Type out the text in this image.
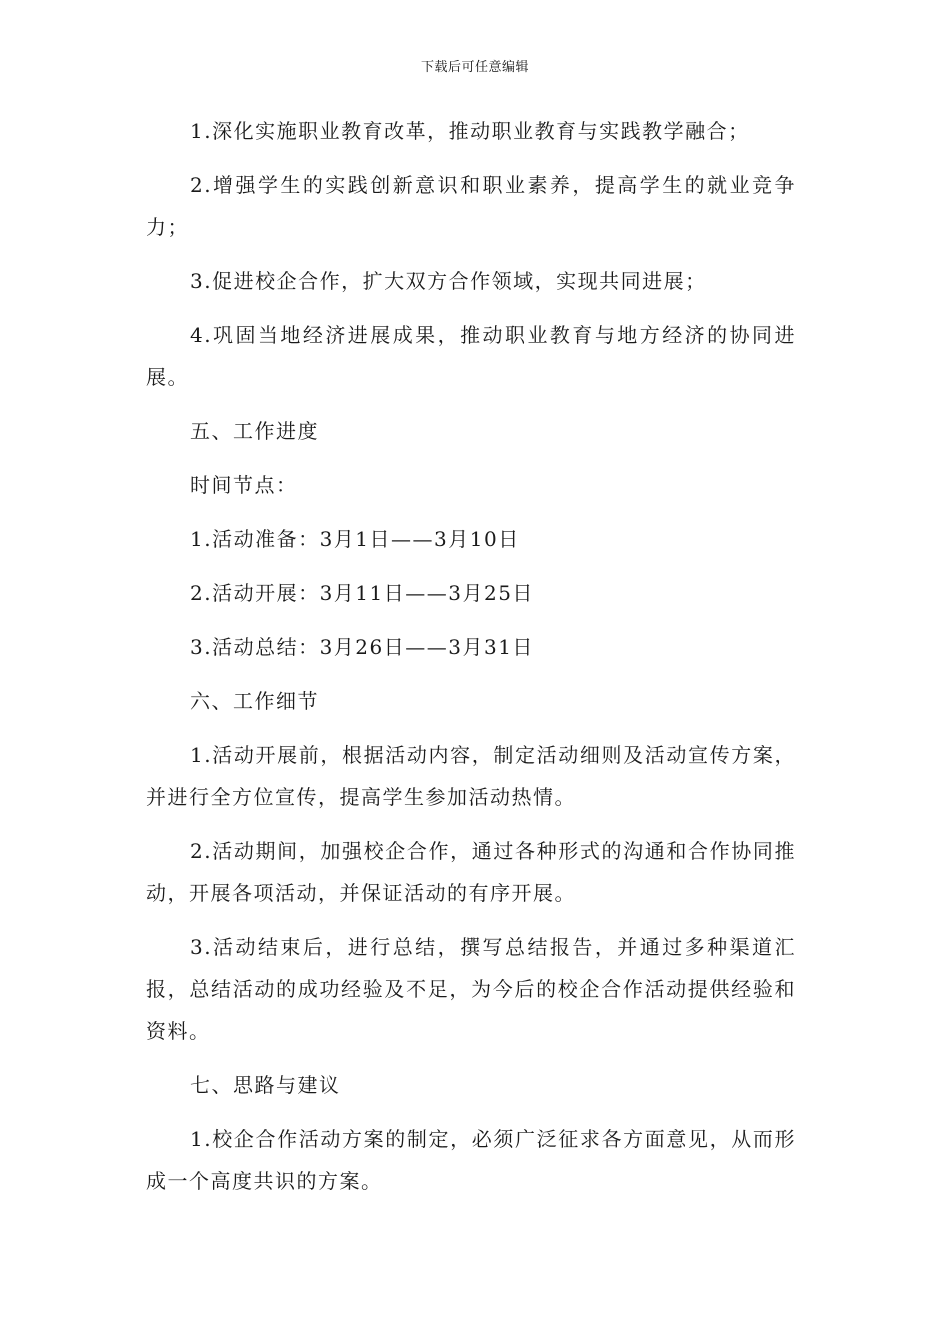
下载后可任意编辑

1.深化实施职业教育改革，推动职业教育与实践教学融合；

2.增强学生的实践创新意识和职业素养，提高学生的就业竞争力；

3.促进校企合作，扩大双方合作领域，实现共同进展；

4.巩固当地经济进展成果，推动职业教育与地方经济的协同进展。

五、工作进度

时间节点：

1.活动准备：3月1日——3月10日

2.活动开展：3月11日——3月25日

3.活动总结：3月26日——3月31日

六、工作细节

1.活动开展前，根据活动内容，制定活动细则及活动宣传方案，并进行全方位宣传，提高学生参加活动热情。

2.活动期间，加强校企合作，通过各种形式的沟通和合作协同推动，开展各项活动，并保证活动的有序开展。

3.活动结束后，进行总结，撰写总结报告，并通过多种渠道汇报，总结活动的成功经验及不足，为今后的校企合作活动提供经验和资料。

七、思路与建议

1.校企合作活动方案的制定，必须广泛征求各方面意见，从而形成一个高度共识的方案。
